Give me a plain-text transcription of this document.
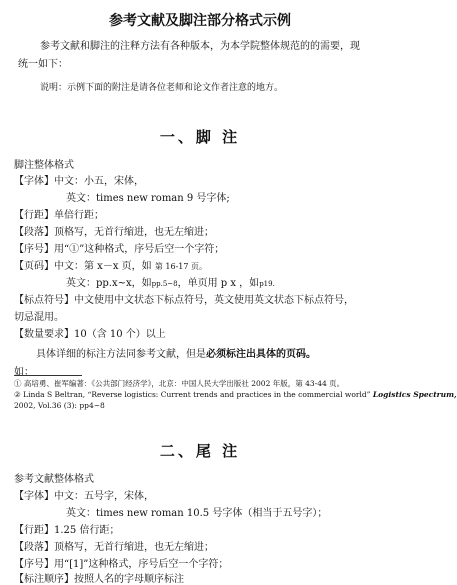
参考文献及脚注部分格式示例
参考文献和脚注的注释方法有各种版本，为本学院整体规范的的需要，现
统一如下：
说明：示例下面的附注是请各位老师和论文作者注意的地方。
一、脚 注
脚注整体格式
【字体】中文：小五，宋体，
英文：times new roman 9 号字体;
【行距】单倍行距；
【段落】顶格写，无首行缩进，也无左缩进；
【序号】用“①”这种格式，序号后空一个字符；
【页码】中文：第 x－x 页，如 第 16-17 页。
英文：pp.x~x，如pp.5~8，单页用 p x ，如p19.
【标点符号】中文使用中文状态下标点符号，英文使用英文状态下标点符号，
切忌混用。
【数量要求】10（含 10 个）以上
具体详细的标注方法同参考文献，但是必须标注出具体的页码。
如：
① 高培勇、崔军编著：《公共部门经济学》，北京：中国人民大学出版社 2002 年版，第 43-44 页。
② Linda S Beltran, “Reverse logistics: Current trends and practices in the commercial world” Logistics Spectrum,
2002, Vol.36 (3): pp4~8
二、尾 注
参考文献整体格式
【字体】中文：五号字，宋体，
英文：times new roman 10.5 号字体（相当于五号字）；
【行距】1.25 倍行距；
【段落】顶格写，无首行缩进，也无左缩进；
【序号】用“[1]”这种格式，序号后空一个字符；
【标注顺序】按照人名的字母顺序标注
